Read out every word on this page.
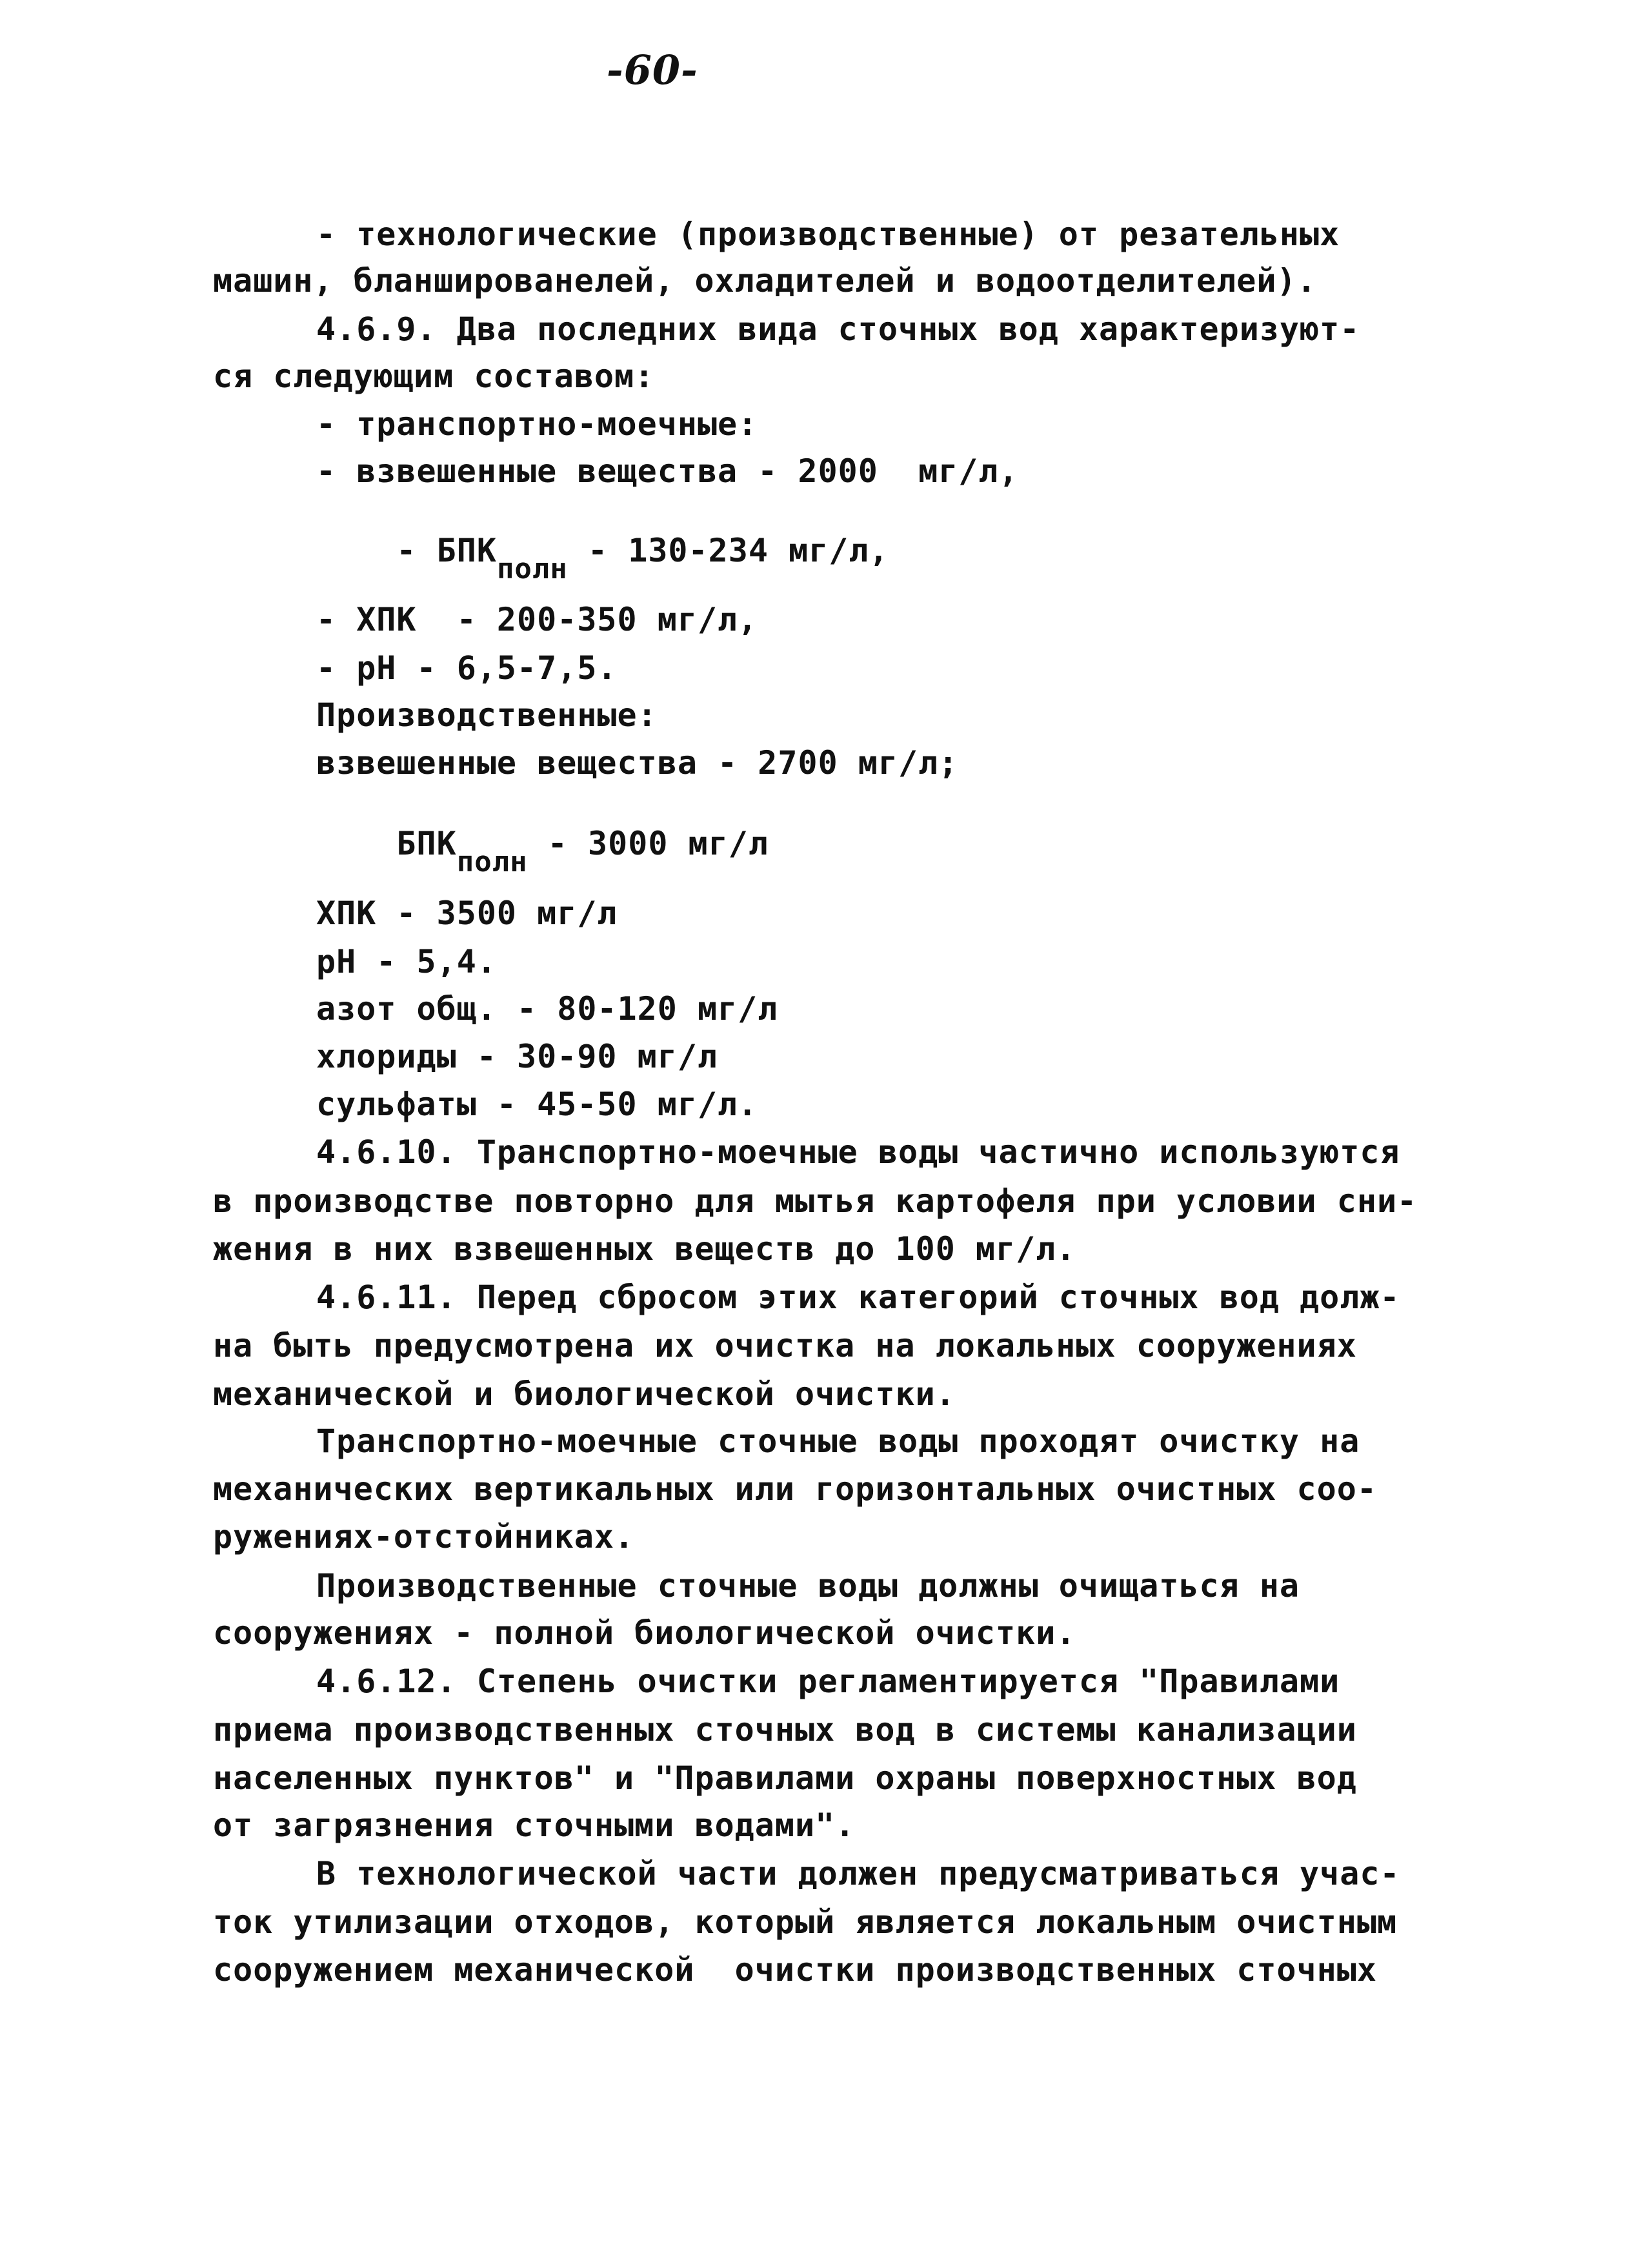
-60-
- технологические (производственные) от резательных
машин, бланшированелей, охладителей и водоотделителей).
4.6.9. Два последних вида сточных вод характеризуют-
ся следующим составом:
- транспортно-моечные:
- взвешенные вещества - 2000  мг/л,

- БПКполн - 130-234 мг/л,

- ХПК  - 200-350 мг/л,
- рН - 6,5-7,5.
Производственные:
взвешенные вещества - 2700 мг/л;

БПКполн - 3000 мг/л

ХПК - 3500 мг/л
рН - 5,4.
азот общ. - 80-120 мг/л
хлориды - 30-90 мг/л
сульфаты - 45-50 мг/л.
4.6.10. Транспортно-моечные воды частично используются
в производстве повторно для мытья картофеля при условии сни-
жения в них взвешенных веществ до 100 мг/л.
4.6.11. Перед сбросом этих категорий сточных вод долж-
на быть предусмотрена их очистка на локальных сооружениях
механической и биологической очистки.
Транспортно-моечные сточные воды проходят очистку на
механических вертикальных или горизонтальных очистных соо-
ружениях-отстойниках.
Производственные сточные воды должны очищаться на
сооружениях - полной биологической очистки.
4.6.12. Степень очистки регламентируется "Правилами
приема производственных сточных вод в системы канализации
населенных пунктов" и "Правилами охраны поверхностных вод
от загрязнения сточными водами".
В технологической части должен предусматриваться учас-
ток утилизации отходов, который является локальным очистным
сооружением механической  очистки производственных сточных
